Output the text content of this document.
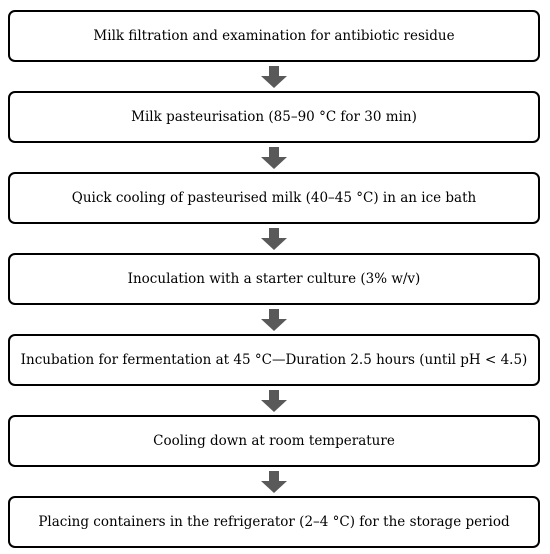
Milk filtration and examination for antibiotic residue
Milk pasteurisation (85–90 °C for 30 min)
Quick cooling of pasteurised milk (40–45 °C) in an ice bath
Inoculation with a starter culture (3% w/v)
Incubation for fermentation at 45 °C—Duration 2.5 hours (until pH < 4.5)
Cooling down at room temperature
Placing containers in the refrigerator (2–4 °C) for the storage period
